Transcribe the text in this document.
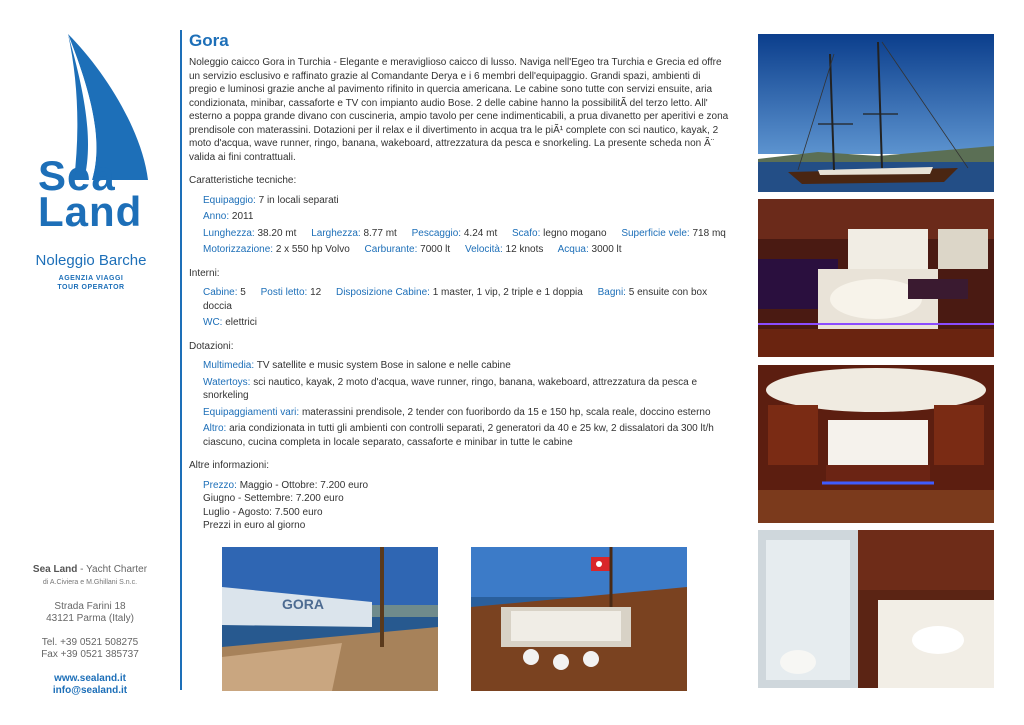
Sea
Land
Noleggio Barche
AGENZIA VIAGGI
TOUR OPERATOR
Sea Land - Yacht Charter
di A.Civiera e M.Ghillani S.n.c.
Strada Farini 18
43121 Parma (Italy)
Tel. +39 0521 508275
Fax +39 0521 385737
www.sealand.it
info@sealand.it
Gora
Noleggio caicco Gora in Turchia - Elegante e meraviglioso caicco di lusso. Naviga nell'Egeo tra Turchia e Grecia ed offre un servizio esclusivo e raffinato grazie al Comandante Derya e i 6 membri dell'equipaggio. Grandi spazi, ambienti di pregio e luminosi grazie anche al pavimento rifinito in quercia americana. Le cabine sono tutte con servizi ensuite, aria condizionata, minibar, cassaforte e TV con impianto audio Bose. 2 delle cabine hanno la possibilitÃ del terzo letto. All' esterno a poppa grande divano con cuscineria, ampio tavolo per cene indimenticabili, a prua divanetto per aperitivi e zona prendisole con materassini. Dotazioni per il relax e il divertimento in acqua tra le piÃ¹ complete con sci nautico, kayak, 2 moto d'acqua, wave runner, ringo, banana, wakeboard, attrezzatura da pesca e snorkeling. La presente scheda non Ã¨ valida ai fini contrattuali.
Caratteristiche tecniche:
Equipaggio: 7 in locali separati
Anno: 2011
Lunghezza: 38.20 mt Larghezza: 8.77 mt Pescaggio: 4.24 mt Scafo: legno mogano Superficie vele: 718 mq
Motorizzazione: 2 x 550 hp Volvo Carburante: 7000 lt Velocità: 12 knots Acqua: 3000 lt
Interni:
Cabine: 5 Posti letto: 12 Disposizione Cabine: 1 master, 1 vip, 2 triple e 1 doppia Bagni: 5 ensuite con box doccia
WC: elettrici
Dotazioni:
Multimedia: TV satellite e music system Bose in salone e nelle cabine
Watertoys: sci nautico, kayak, 2 moto d'acqua, wave runner, ringo, banana, wakeboard, attrezzatura da pesca e snorkeling
Equipaggiamenti vari: materassini prendisole, 2 tender con fuoribordo da 15 e 150 hp, scala reale, doccino esterno
Altro: aria condizionata in tutti gli ambienti con controlli separati, 2 generatori da 40 e 25 kw, 2 dissalatori da 300 lt/h ciascuno, cucina completa in locale separato, cassaforte e minibar in tutte le cabine
Altre informazioni:
Prezzo: Maggio - Ottobre: 7.200 euro
Giugno - Settembre: 7.200 euro
Luglio - Agosto: 7.500 euro
Prezzi in euro al giorno
GORA
